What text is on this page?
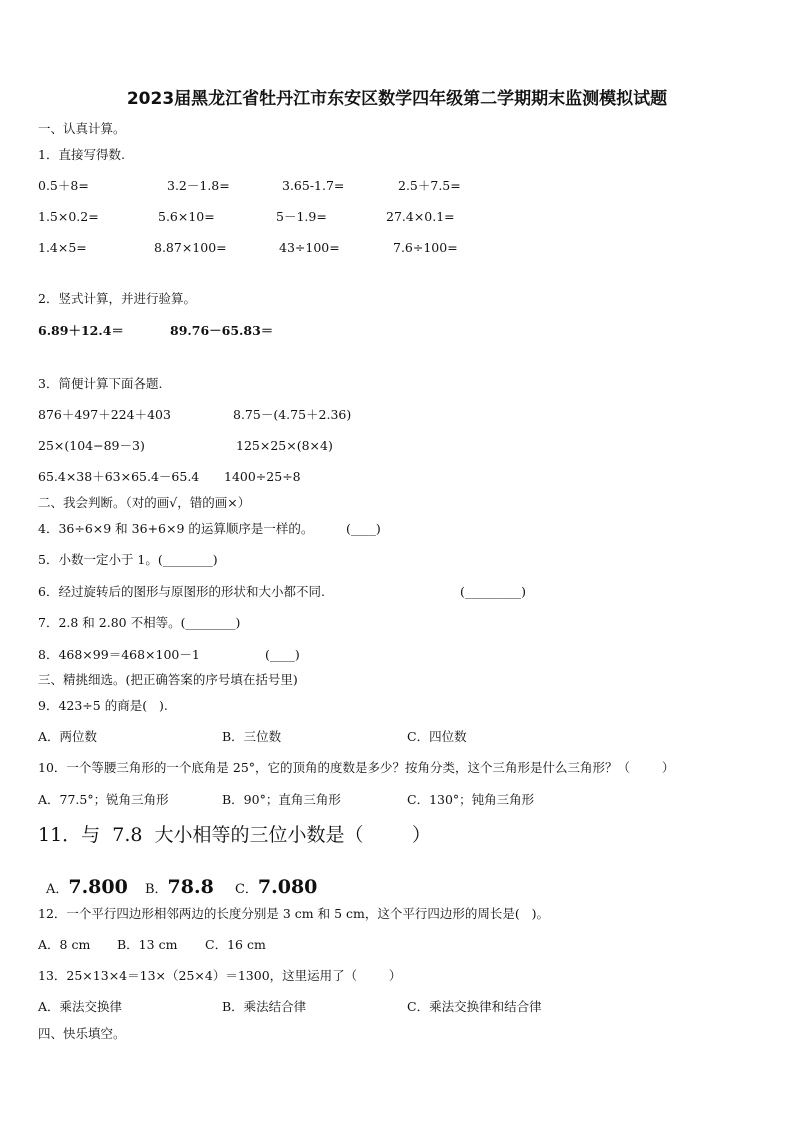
2023届黑龙江省牡丹江市东安区数学四年级第二学期期末监测模拟试题
一、认真计算。
1．直接写得数.
0.5＋8=	3.2－1.8=	3.65-1.7=	2.5＋7.5=
1.5×0.2=	5.6×10=	5－1.9=	27.4×0.1=
1.4×5=	8.87×100=	43÷100=	7.6÷100=
2．竖式计算，并进行验算。
6.89＋12.4＝	89.76－65.83＝
3．简便计算下面各题.
876＋497＋224＋403	8.75－(4.75＋2.36)
25×(104−89－3)	125×25×(8×4)
65.4×38＋63×65.4－65.4 1400÷25÷8
二、我会判断。（对的画√，错的画×）
4．36÷6×9 和 36+6×9 的运算顺序是一样的。	(____)
5．小数一定小于 1。(________)
6．经过旋转后的图形与原图形的形状和大小都不同.	(_________)
7．2.8 和 2.80 不相等。(________)
8．468×99＝468×100－1	(____)
三、精挑细选。(把正确答案的序号填在括号里)
9．423÷5 的商是(   ).
A．两位数	B．三位数	C．四位数
10．一个等腰三角形的一个底角是 25°，它的顶角的度数是多少？按角分类，这个三角形是什么三角形？（        ）
A．77.5°；锐角三角形	B．90°；直角三角形	C．130°；钝角三角形
11．与  7.8  大小相等的三位小数是（        ）

A．7.800	B．78.8	C．7.080

12．一个平行四边形相邻两边的长度分别是 3 cm 和 5 cm，这个平行四边形的周长是(   )。
A．8 cm B．13 cm C．16 cm
13．25×13×4＝13×（25×4）＝1300，这里运用了（        ）
A．乘法交换律	B．乘法结合律	C．乘法交换律和结合律
四、快乐填空。
